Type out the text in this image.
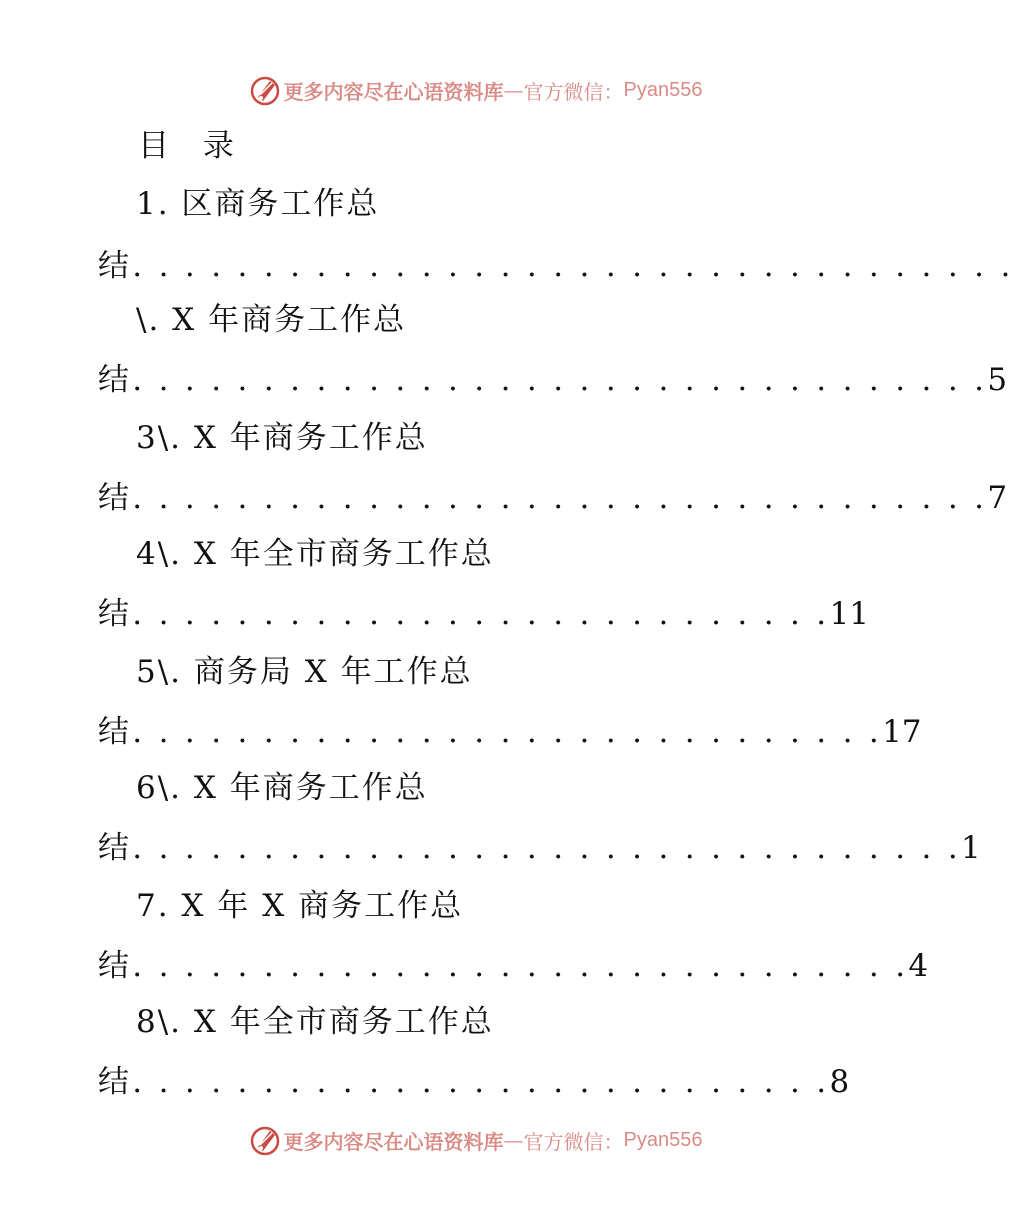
更多内容尽在心语资料库 — 官方微信： Pyan556
目 录
1. 区商务工作总
结. . . . . . . . . . . . . . . . . . . . . . . . . . . . . . . . . .
\. X 年商务工作总
结. . . . . . . . . . . . . . . . . . . . . . . . . . . . . . . . .5
3\. X 年商务工作总
结. . . . . . . . . . . . . . . . . . . . . . . . . . . . . . . . .7
4\. X 年全市商务工作总
结. . . . . . . . . . . . . . . . . . . . . . . . . . .11
5\. 商务局 X 年工作总
结. . . . . . . . . . . . . . . . . . . . . . . . . . . . .17
6\. X 年商务工作总
结. . . . . . . . . . . . . . . . . . . . . . . . . . . . . . . .1
7. X 年 X 商务工作总
结. . . . . . . . . . . . . . . . . . . . . . . . . . . . . .4
8\. X 年全市商务工作总
结. . . . . . . . . . . . . . . . . . . . . . . . . . .8
更多内容尽在心语资料库 — 官方微信： Pyan556
